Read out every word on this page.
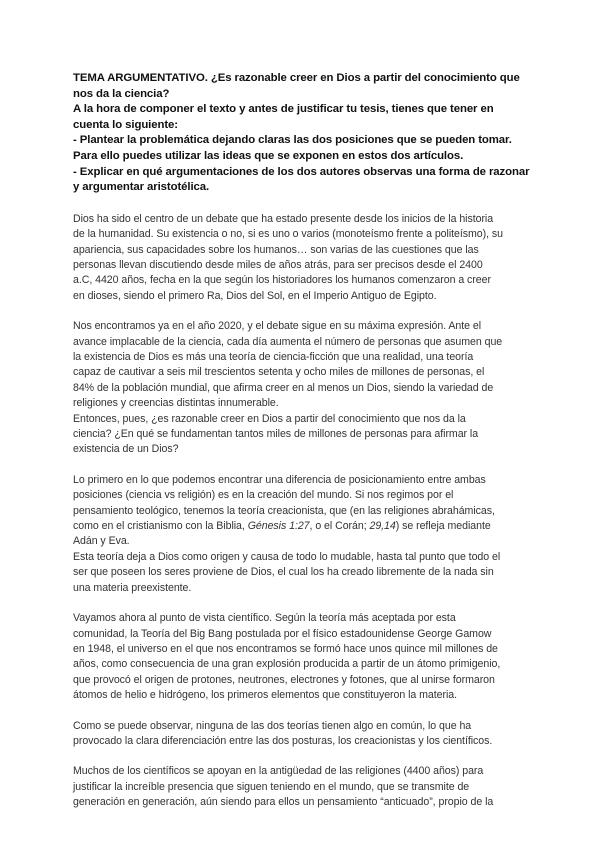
TEMA ARGUMENTATIVO. ¿Es razonable creer en Dios a partir del conocimiento que
nos da la ciencia?
A la hora de componer el texto y antes de justificar tu tesis, tienes que tener en
cuenta lo siguiente:
- Plantear la problemática dejando claras las dos posiciones que se pueden tomar.
Para ello puedes utilizar las ideas que se exponen en estos dos artículos.
- Explicar en qué argumentaciones de los dos autores observas una forma de razonar
y argumentar aristotélica.
Dios ha sido el centro de un debate que ha estado presente desde los inicios de la historia
de la humanidad. Su existencia o no, si es uno o varios (monoteísmo frente a politeísmo), su
apariencia, sus capacidades sobre los humanos… son varias de las cuestiones que las
personas llevan discutiendo desde miles de años atrás, para ser precisos desde el 2400
a.C, 4420 años, fecha en la que según los historiadores los humanos comenzaron a creer
en dioses, siendo el primero Ra, Dios del Sol, en el Imperio Antiguo de Egipto.
Nos encontramos ya en el año 2020, y el debate sigue en su máxima expresión. Ante el
avance implacable de la ciencia, cada día aumenta el número de personas que asumen que
la existencia de Dios es más una teoría de ciencia-ficción que una realidad, una teoría
capaz de cautivar a seis mil trescientos setenta y ocho miles de millones de personas, el
84% de la población mundial, que afirma creer en al menos un Dios, siendo la variedad de
religiones y creencias distintas innumerable.
Entonces, pues, ¿es razonable creer en Dios a partir del conocimiento que nos da la
ciencia? ¿En qué se fundamentan tantos miles de millones de personas para afirmar la
existencia de un Dios?
Lo primero en lo que podemos encontrar una diferencia de posicionamiento entre ambas
posiciones (ciencia vs religión) es en la creación del mundo. Si nos regimos por el
pensamiento teológico, tenemos la teoría creacionista, que (en las religiones abrahámicas,
como en el cristianismo con la Biblia, Génesis 1:27, o el Corán; 29,14) se refleja mediante
Adán y Eva.
Esta teoría deja a Dios como origen y causa de todo lo mudable, hasta tal punto que todo el
ser que poseen los seres proviene de Dios, el cual los ha creado libremente de la nada sin
una materia preexistente.
Vayamos ahora al punto de vista científico. Según la teoría más aceptada por esta
comunidad, la Teoría del Big Bang postulada por el físico estadounidense George Gamow
en 1948, el universo en el que nos encontramos se formó hace unos quince mil millones de
años, como consecuencia de una gran explosión producida a partir de un átomo primigenio,
que provocó el origen de protones, neutrones, electrones y fotones, que al unirse formaron
átomos de helio e hidrógeno, los primeros elementos que constituyeron la materia.
Como se puede observar, ninguna de las dos teorías tienen algo en común, lo que ha
provocado la clara diferenciación entre las dos posturas, los creacionistas y los científicos.
Muchos de los científicos se apoyan en la antigüedad de las religiones (4400 años) para
justificar la increíble presencia que siguen teniendo en el mundo, que se transmite de
generación en generación, aún siendo para ellos un pensamiento “anticuado”, propio de la
